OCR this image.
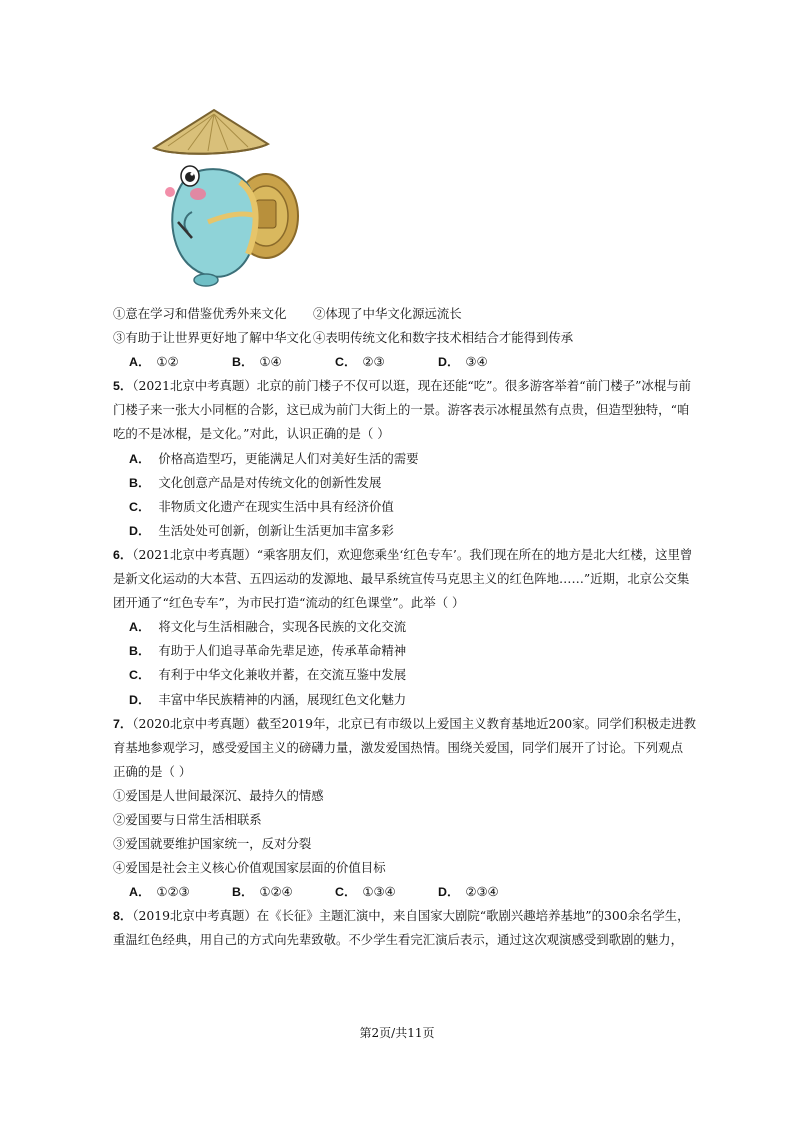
①意在学习和借鉴优秀外来文化 ②体现了中华文化源远流长
③有助于让世界更好地了解中华文化 ④表明传统文化和数字技术相结合才能得到传承
A． ①②	B． ①④	C． ②③	D． ③④
5．（2021北京中考真题）北京的前门楼子不仅可以逛，现在还能“吃”。很多游客举着“前门楼子”冰棍与前
门楼子来一张大小同框的合影，这已成为前门大街上的一景。游客表示冰棍虽然有点贵，但造型独特，“咱
吃的不是冰棍，是文化。”对此，认识正确的是（ ）
A． 价格高造型巧，更能满足人们对美好生活的需要
B． 文化创意产品是对传统文化的创新性发展
C． 非物质文化遗产在现实生活中具有经济价值
D． 生活处处可创新，创新让生活更加丰富多彩
6．（2021北京中考真题）“乘客朋友们，欢迎您乘坐‘红色专车’。我们现在所在的地方是北大红楼，这里曾
是新文化运动的大本营、五四运动的发源地、最早系统宣传马克思主义的红色阵地……”近期，北京公交集
团开通了“红色专车”，为市民打造“流动的红色课堂”。此举（ ）
A． 将文化与生活相融合，实现各民族的文化交流
B． 有助于人们追寻革命先辈足迹，传承革命精神
C． 有利于中华文化兼收并蓄，在交流互鉴中发展
D． 丰富中华民族精神的内涵，展现红色文化魅力
7．（2020北京中考真题）截至2019年，北京已有市级以上爱国主义教育基地近200家。同学们积极走进教
育基地参观学习，感受爱国主义的磅礴力量，激发爱国热情。围绕关爱国，同学们展开了讨论。下列观点
正确的是（ ）
①爱国是人世间最深沉、最持久的情感
②爱国要与日常生活相联系
③爱国就要维护国家统一，反对分裂
④爱国是社会主义核心价值观国家层面的价值目标
A． ①②③	B． ①②④	C． ①③④	D． ②③④
8．（2019北京中考真题）在《长征》主题汇演中，来自国家大剧院“歌剧兴趣培养基地”的300余名学生，
重温红色经典，用自己的方式向先辈致敬。不少学生看完汇演后表示，通过这次观演感受到歌剧的魅力，
第2页/共11页
